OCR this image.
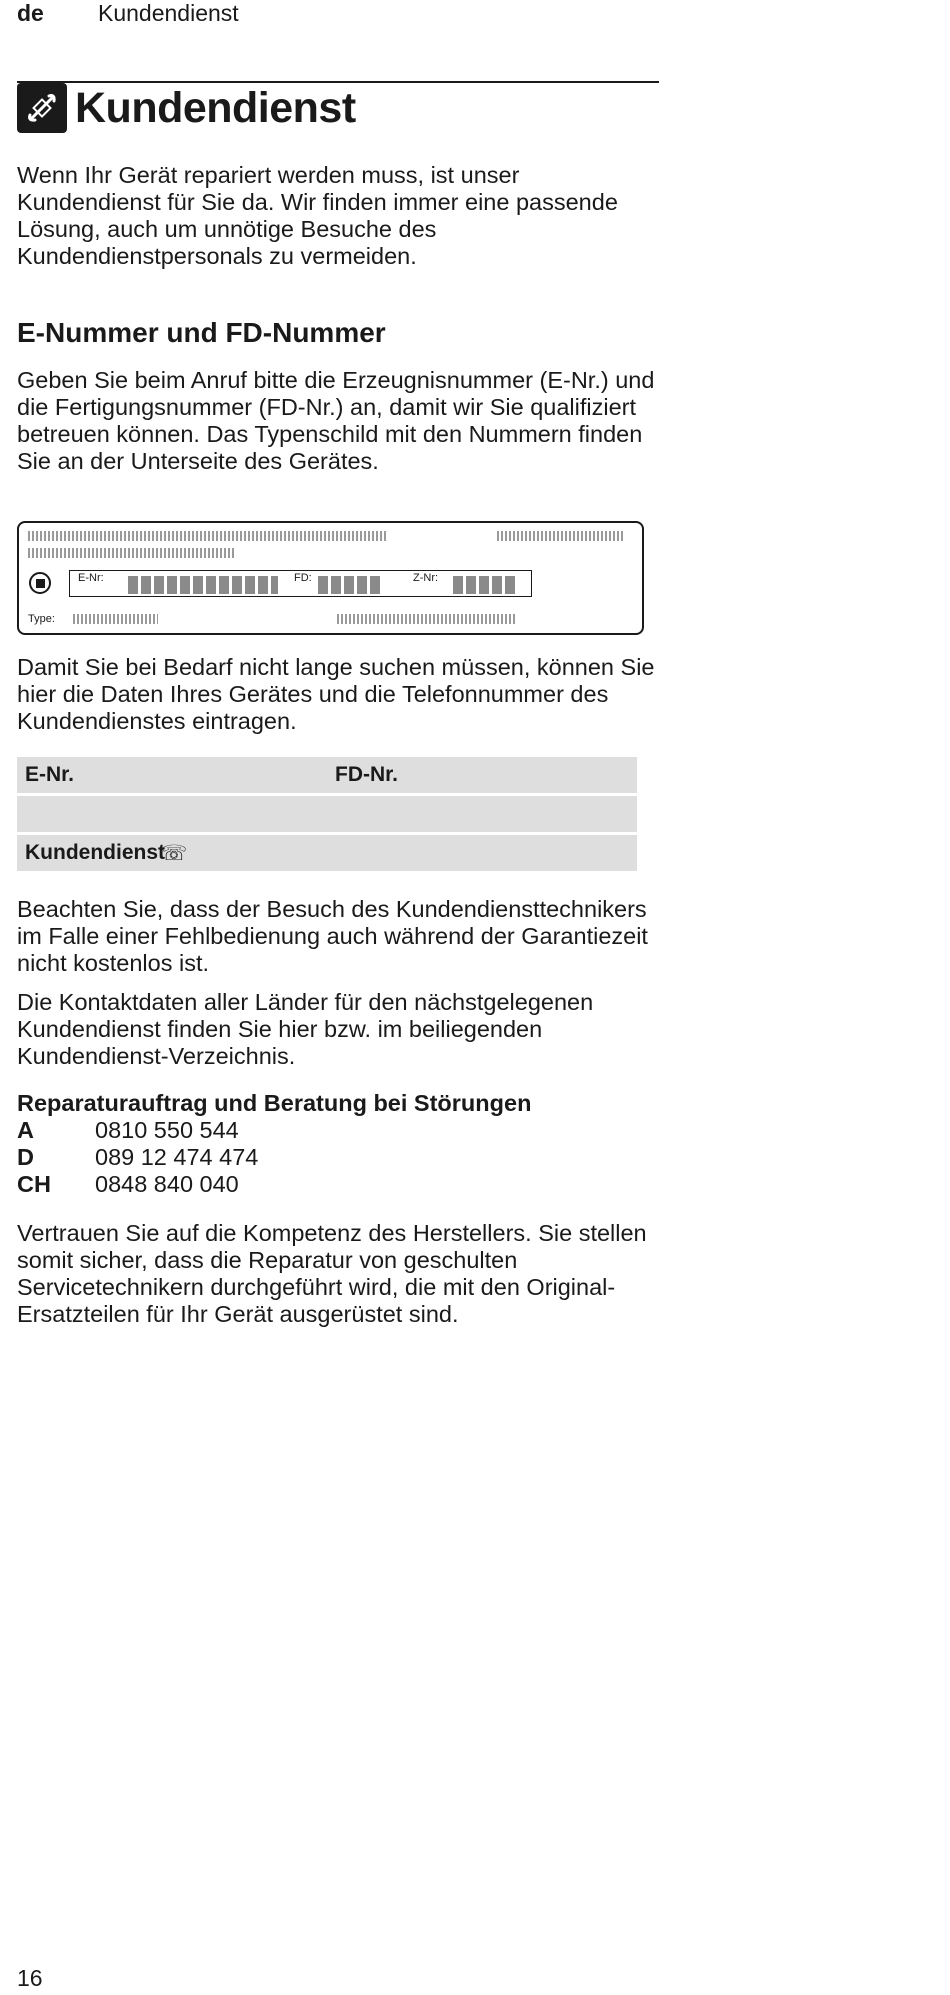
de Kundendienst
Kundendienst

Wenn Ihr Gerät repariert werden muss, ist unser Kundendienst für Sie da. Wir finden immer eine passende Lösung, auch um unnötige Besuche des Kundendienstpersonals zu vermeiden.

E-Nummer und FD-Nummer

Geben Sie beim Anruf bitte die Erzeugnisnummer (E-Nr.) und die Fertigungsnummer (FD-Nr.) an, damit wir Sie qualifiziert betreuen können. Das Typenschild mit den Nummern finden Sie an der Unterseite des Gerätes.

E-Nr:	FD:	Z-Nr:
Type:

Damit Sie bei Bedarf nicht lange suchen müssen, können Sie hier die Daten Ihres Gerätes und die Telefonnummer des Kundendienstes eintragen.

E-Nr.	FD-Nr.
Kundendienst
☏

Beachten Sie, dass der Besuch des Kundendiensttechnikers im Falle einer Fehlbedienung auch während der Garantiezeit nicht kostenlos ist.

Die Kontaktdaten aller Länder für den nächstgelegenen Kundendienst finden Sie hier bzw. im beiliegenden Kundendienst-Verzeichnis.

Reparaturauftrag und Beratung bei Störungen
A	0810 550 544
D	089 12 474 474
CH	0848 840 040

Vertrauen Sie auf die Kompetenz des Herstellers. Sie stellen somit sicher, dass die Reparatur von geschulten Servicetechnikern durchgeführt wird, die mit den Original-Ersatzteilen für Ihr Gerät ausgerüstet sind.

16
